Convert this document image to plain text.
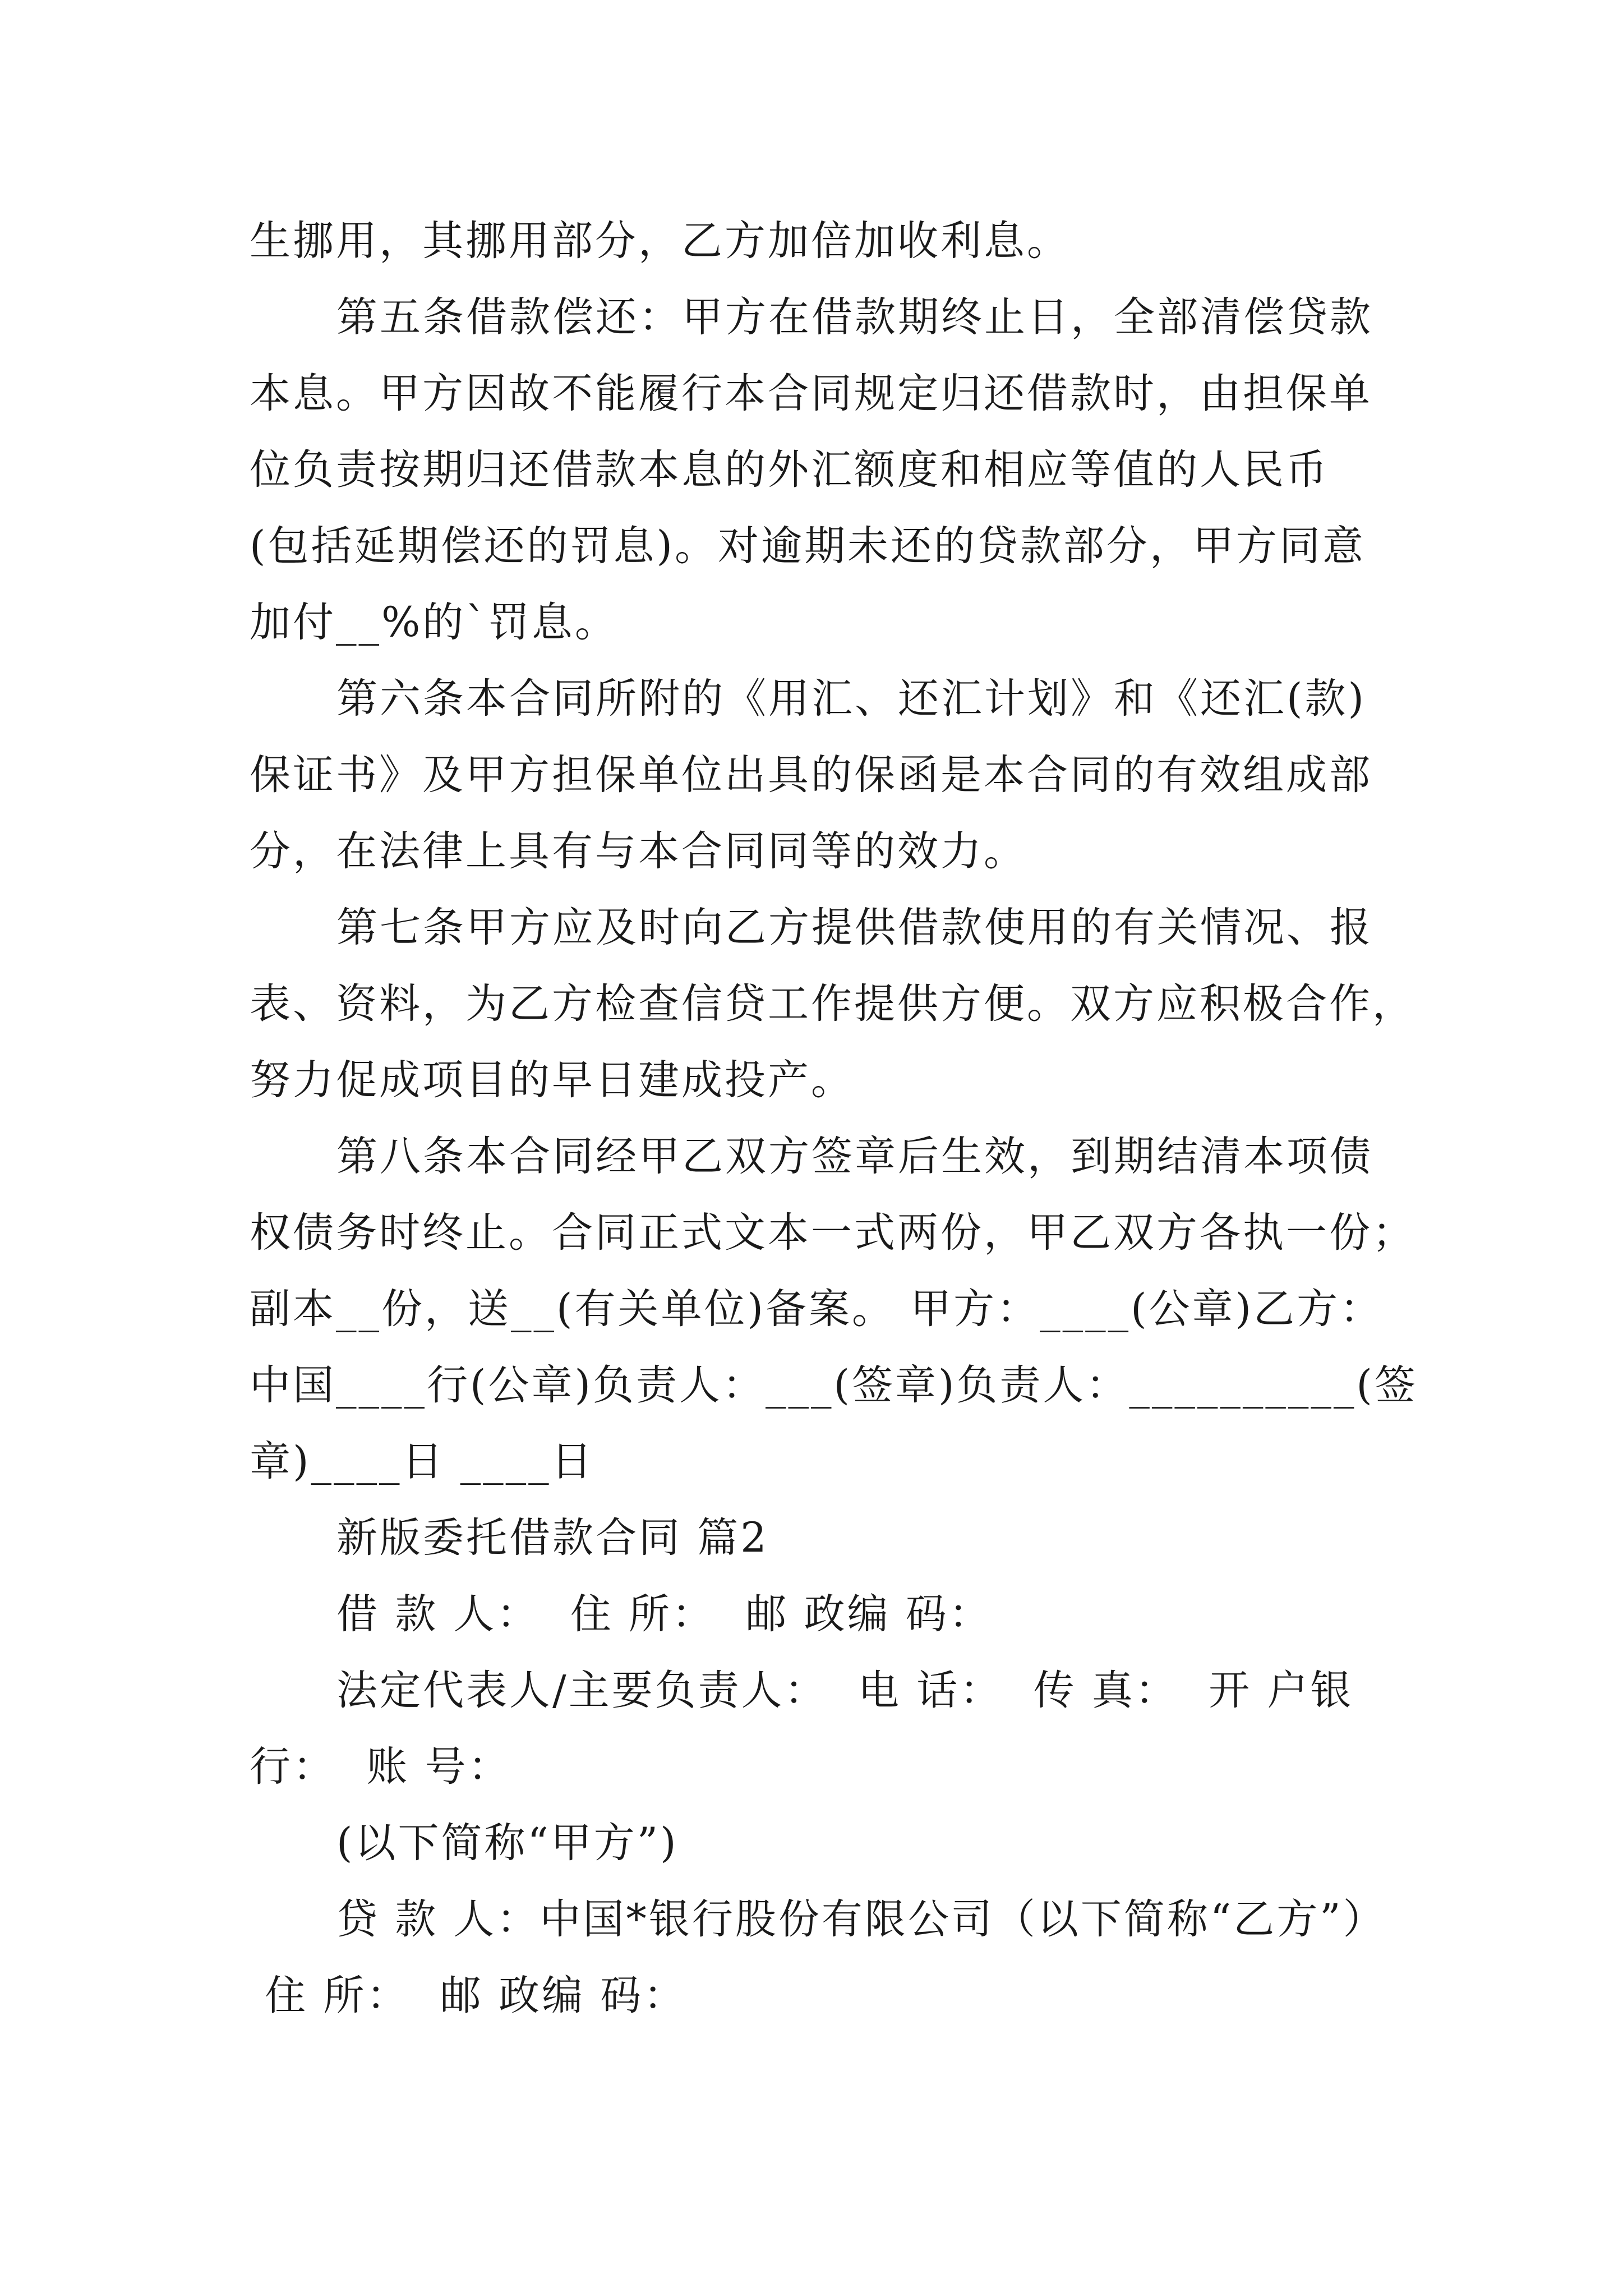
生挪用，其挪用部分，乙方加倍加收利息。
第五条借款偿还：甲方在借款期终止日，全部清偿贷款
本息。甲方因故不能履行本合同规定归还借款时，由担保单
位负责按期归还借款本息的外汇额度和相应等值的人民币
(包括延期偿还的罚息)。对逾期未还的贷款部分，甲方同意
加付__%的`罚息。
第六条本合同所附的《用汇、还汇计划》和《还汇(款)
保证书》及甲方担保单位出具的保函是本合同的有效组成部
分，在法律上具有与本合同同等的效力。
第七条甲方应及时向乙方提供借款使用的有关情况、报
表、资料，为乙方检查信贷工作提供方便。双方应积极合作，
努力促成项目的早日建成投产。
第八条本合同经甲乙双方签章后生效，到期结清本项债
权债务时终止。合同正式文本一式两份，甲乙双方各执一份；
副本__份，送__(有关单位)备案。 甲方：____(公章)乙方：
中国____行(公章)负责人：___(签章)负责人：__________(签
章)____日 ____日
新版委托借款合同 篇2
借 款 人：  住 所：  邮 政编 码：
法定代表人/主要负责人：  电 话：  传 真：  开 户银
行：  账 号：
(以下简称“甲方”)
贷 款 人：中国*银行股份有限公司（以下简称“乙方”）
住 所：  邮 政编 码：
